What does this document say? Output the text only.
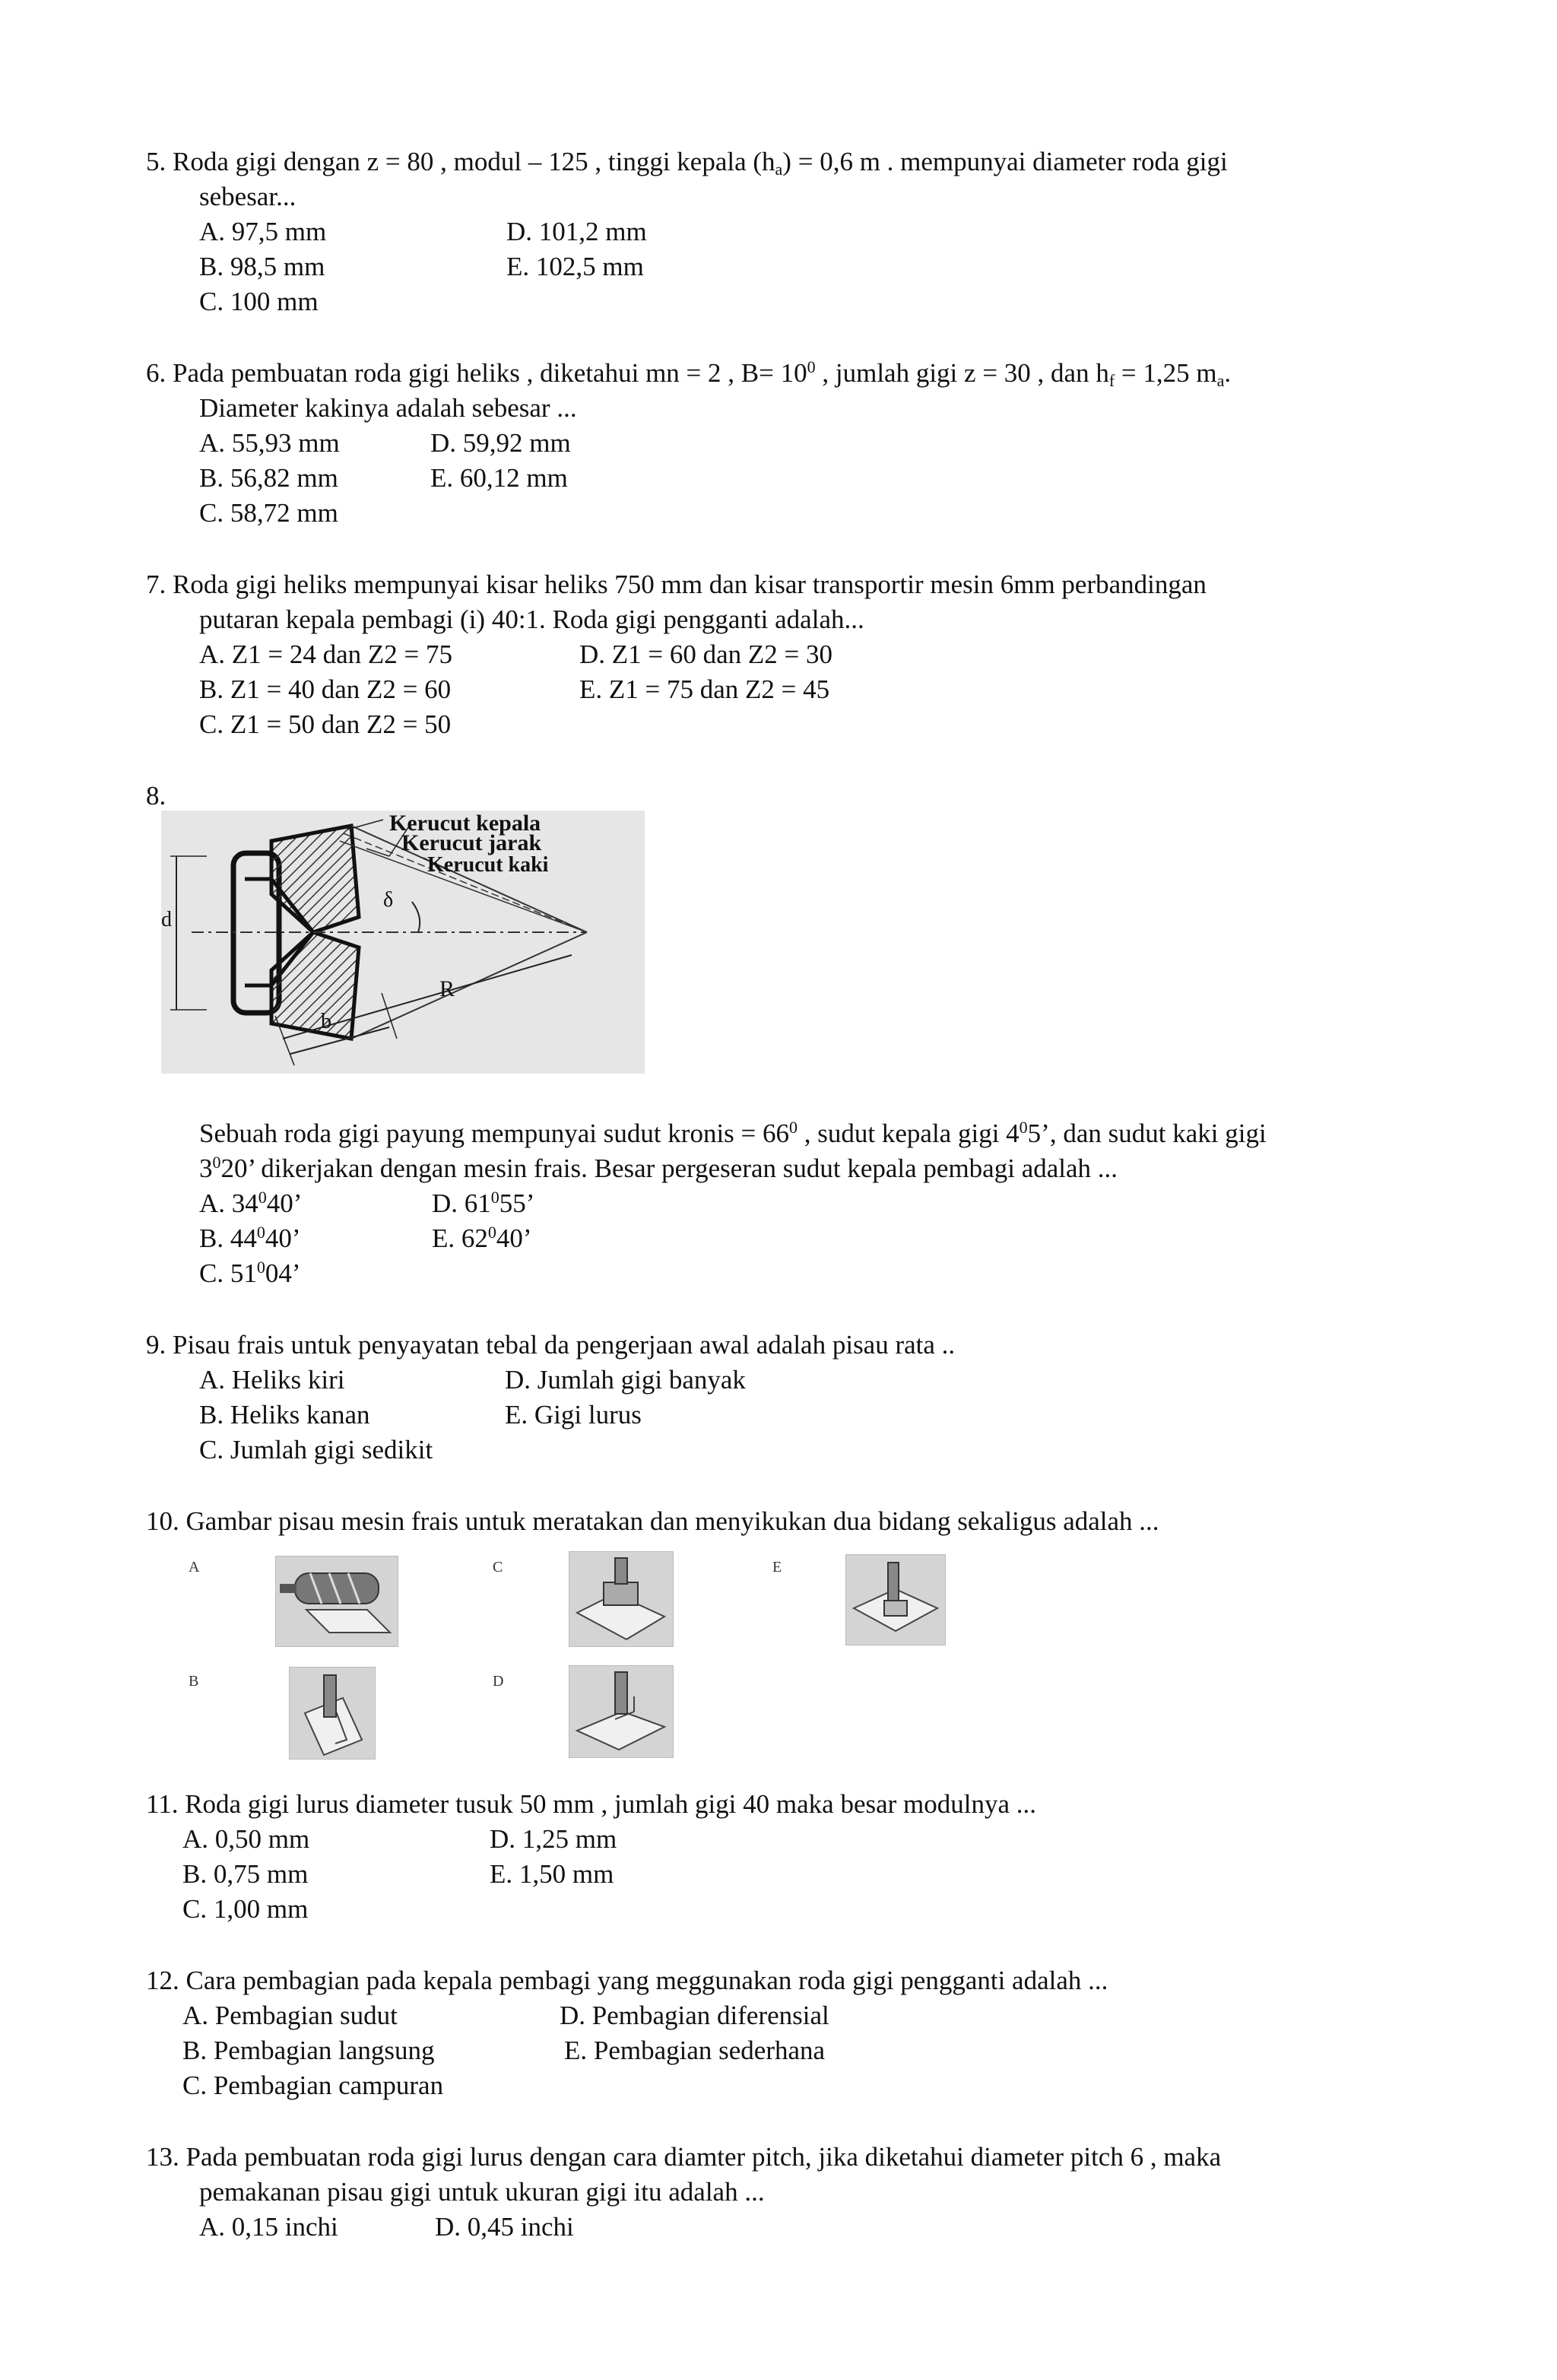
5. Roda gigi dengan z = 80 , modul – 125 , tinggi kepala $(h_a) = 0,6$ m . mempunyai diameter roda gigi
sebesar...
A. 97,5 mm
B. 98,5 mm
C. 100 mm
D. 101,2 mm
E. 102,5 mm
6. Pada pembuatan roda gigi heliks , diketahui mn = 2 , $B= 10^0$ , jumlah gigi z = 30 , dan $h_f = 1,25$ $m_a$.
Diameter kakinya adalah sebesar ...
A. 55,93 mm
B. 56,82 mm
C. 58,72 mm
D. 59,92 mm
E. 60,12 mm
7. Roda gigi heliks mempunyai kisar heliks 750 mm dan kisar transportir mesin 6mm perbandingan
putaran kepala pembagi (i) 40:1. Roda gigi pengganti adalah...
A. Z1 = 24 dan Z2 = 75
B. Z1 = 40 dan Z2 = 60
C. Z1 = 50 dan Z2 = 50
D. Z1 = 60 dan Z2 = 30
E. Z1 = 75 dan Z2 = 45
8.
Kerucut kepala
Kerucut jarak
Kerucut kaki
δ
d
R
b
Sebuah roda gigi payung mempunyai sudut kronis = $66^0$ , sudut kepala gigi $4^05$’, dan sudut kaki gigi
$3^020$’ dikerjakan dengan mesin frais. Besar pergeseran sudut kepala pembagi adalah ...
A. $34^040$’
B. $44^040$’
C. $51^004$’
D. $61^055$’
E. $62^040$’
9. Pisau frais untuk penyayatan tebal da pengerjaan awal adalah pisau rata ..
A. Heliks kiri
B. Heliks kanan
C. Jumlah gigi sedikit
D. Jumlah gigi banyak
E. Gigi lurus
10. Gambar pisau mesin frais untuk meratakan dan menyikukan dua bidang sekaligus adalah ...
A
B
C
D
E
11. Roda gigi lurus diameter tusuk 50 mm , jumlah gigi 40 maka besar modulnya ...
A. 0,50 mm
B. 0,75 mm
C. 1,00 mm
D. 1,25 mm
E. 1,50 mm
12. Cara pembagian pada kepala pembagi yang meggunakan roda gigi pengganti adalah ...
A. Pembagian sudut
B. Pembagian langsung
C. Pembagian campuran
D. Pembagian diferensial
E. Pembagian sederhana
13. Pada pembuatan roda gigi lurus dengan cara diamter pitch, jika diketahui diameter pitch 6 , maka
pemakanan pisau gigi untuk ukuran gigi itu adalah ...
A. 0,15 inchi	D. 0,45 inchi
